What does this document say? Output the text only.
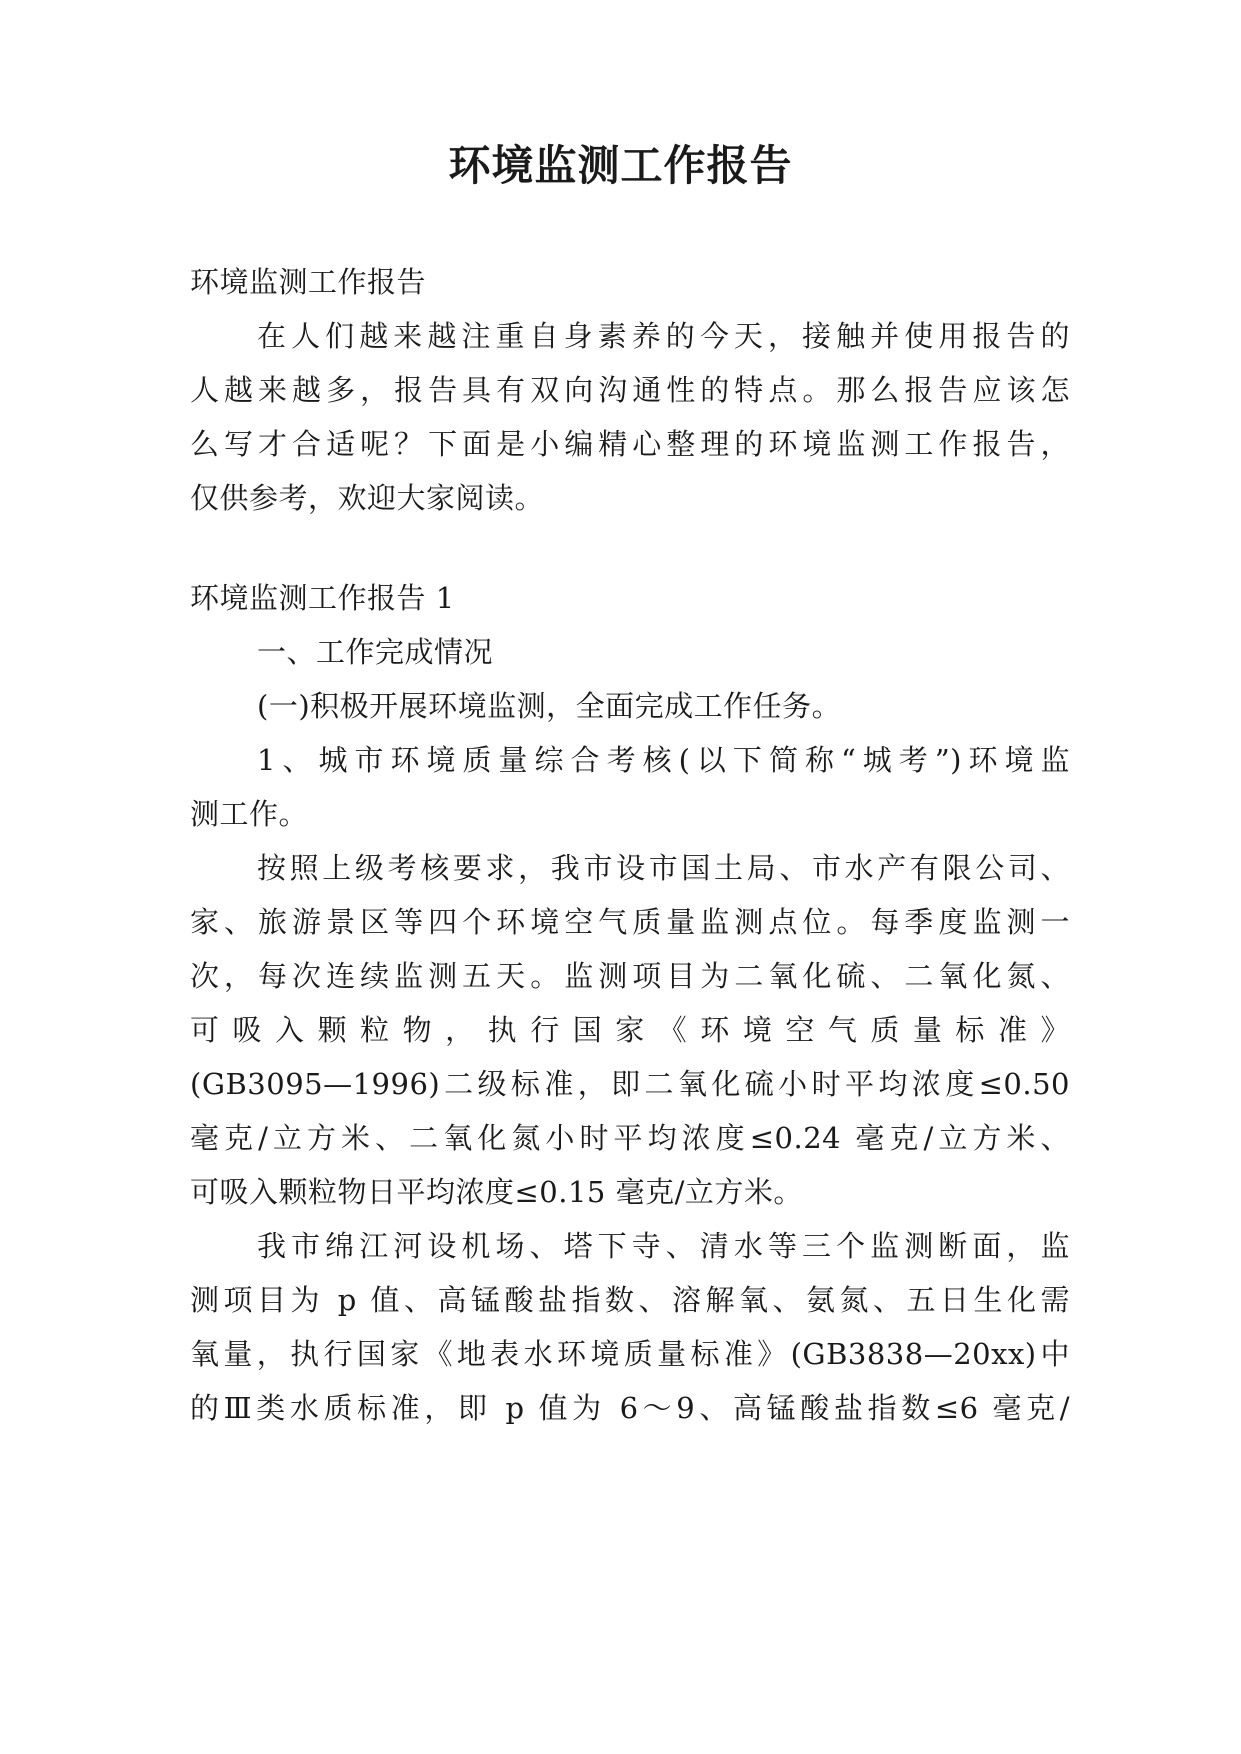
环境监测工作报告
环境监测工作报告
在人们越来越注重自身素养的今天，接触并使用报告的
人越来越多，报告具有双向沟通性的特点。那么报告应该怎
么写才合适呢？下面是小编精心整理的环境监测工作报告，
仅供参考，欢迎大家阅读。
环境监测工作报告 1
一、工作完成情况
(一)积极开展环境监测，全面完成工作任务。
1、城市环境质量综合考核(以下简称“城考”)环境监
测工作。
按照上级考核要求，我市设市国土局、市水产有限公司、
家、旅游景区等四个环境空气质量监测点位。每季度监测一
次，每次连续监测五天。监测项目为二氧化硫、二氧化氮、
可吸入颗粒物，执行国家《环境空气质量标准》
(GB3095—1996)二级标准，即二氧化硫小时平均浓度≤0.50
毫克/立方米、二氧化氮小时平均浓度≤0.24 毫克/立方米、
可吸入颗粒物日平均浓度≤0.15 毫克/立方米。
我市绵江河设机场、塔下寺、清水等三个监测断面，监
测项目为 p 值、高锰酸盐指数、溶解氧、氨氮、五日生化需
氧量，执行国家《地表水环境质量标准》(GB3838—20xx)中
的Ⅲ类水质标准，即 p 值为 6～9、高锰酸盐指数≤6 毫克/
